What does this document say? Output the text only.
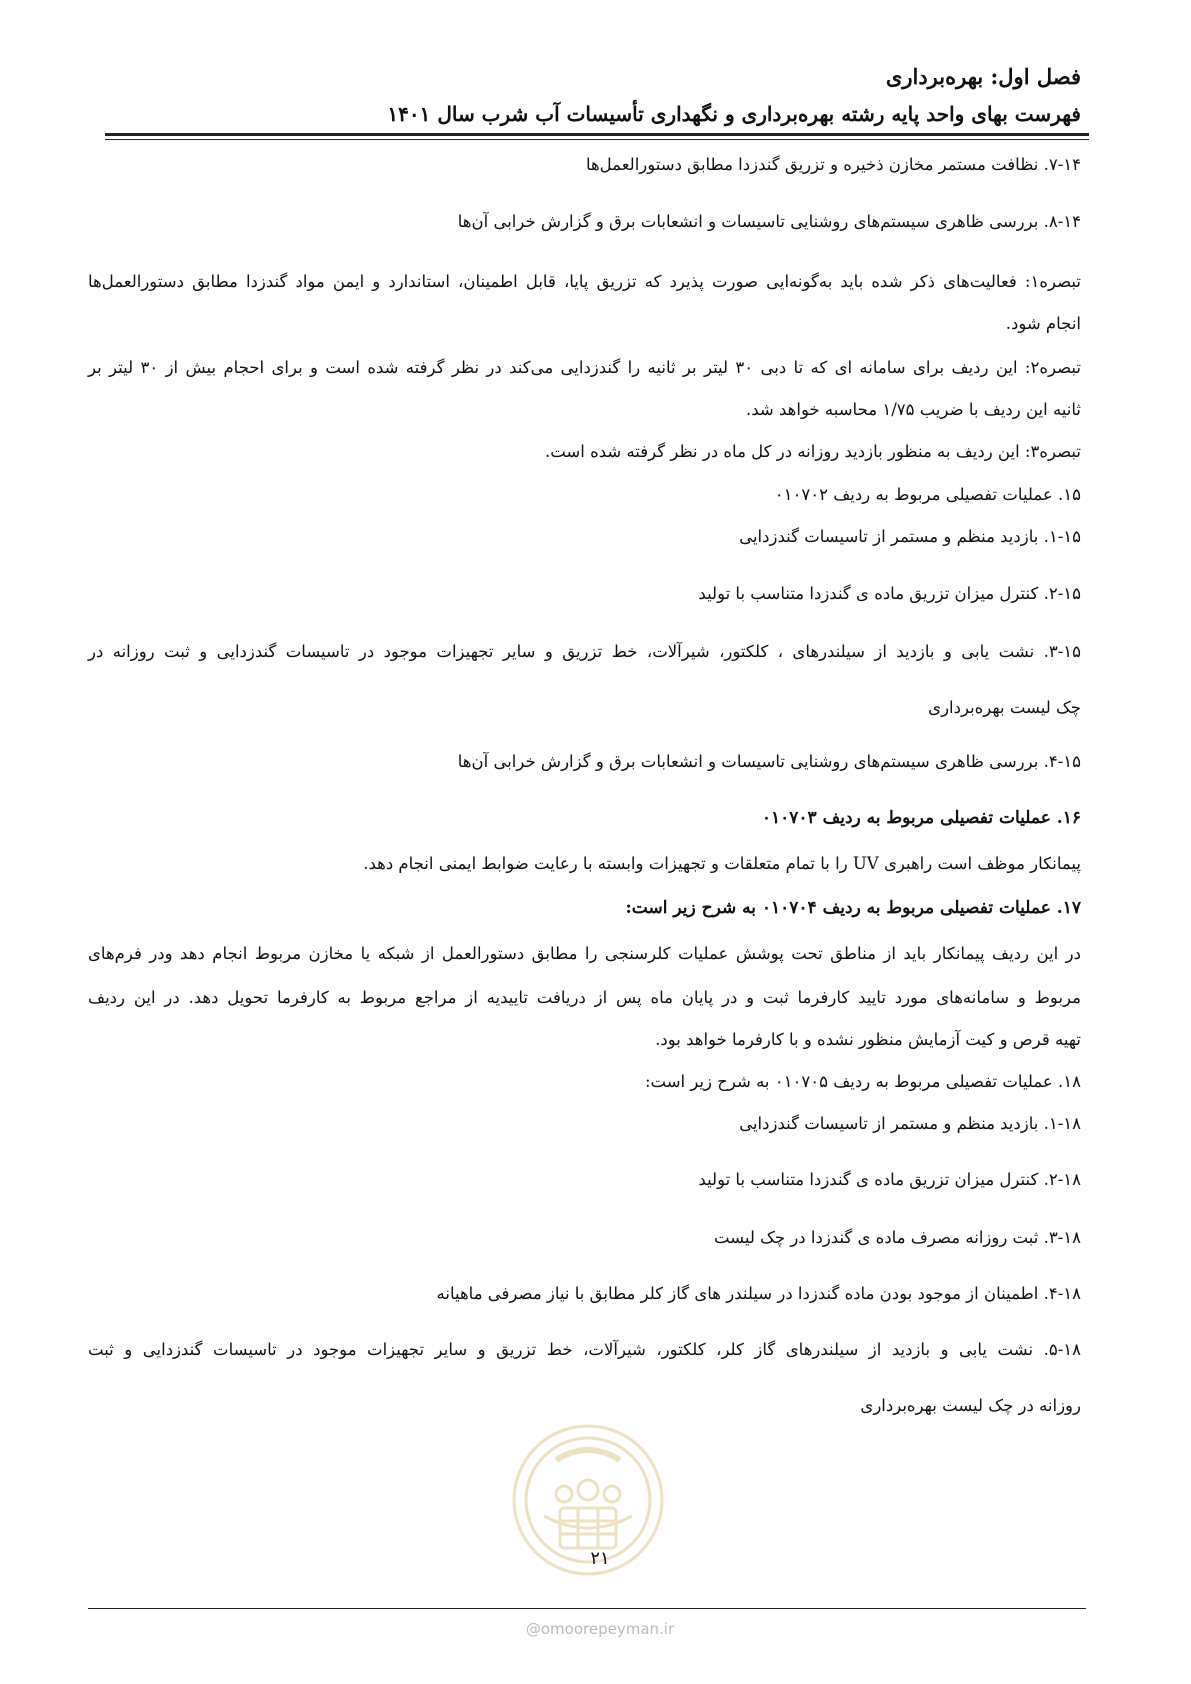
فصل اول: بهره‌برداری
فهرست بهای واحد پایه رشته بهره‌برداری و نگهداری تأسیسات آب شرب سال ۱۴۰۱
۷-۱۴. نظافت مستمر مخازن ذخیره و تزریق گندزدا مطابق دستورالعمل‌ها
۸-۱۴. بررسی ظاهری سیستم‌های روشنایی تاسیسات و انشعابات برق و گزارش خرابی آن‌ها
تبصره۱: فعالیت‌های ذکر شده باید به‌گونه‌ایی صورت پذیرد که تزریق پایا، قابل اطمینان، استاندارد و ایمن مواد گندزدا مطابق دستورالعمل‌ها
انجام شود.
تبصره۲: این ردیف برای سامانه ای که تا دبی ۳۰ لیتر بر ثانیه را گندزدایی می‌کند در نظر گرفته شده است و برای احجام بیش از ۳۰ لیتر بر
ثانیه این ردیف با ضریب ۱/۷۵ محاسبه خواهد شد.
تبصره۳: این ردیف به منظور بازدید روزانه در کل ماه در نظر گرفته شده است.
۱۵. عملیات تفصیلی مربوط به ردیف ۰۱۰۷۰۲
۱-۱۵. بازدید منظم و مستمر از تاسیسات گندزدایی
۲-۱۵. کنترل میزان تزریق ماده ی گندزدا متناسب با تولید
۳-۱۵. نشت یابی و بازدید از سیلندرهای ، کلکتور، شیرآلات، خط تزریق و سایر تجهیزات موجود در تاسیسات گندزدایی و ثبت روزانه در
چک لیست بهره‌برداری
۴-۱۵. بررسی ظاهری سیستم‌های روشنایی تاسیسات و انشعابات برق و گزارش خرابی آن‌ها
۱۶. عملیات تفصیلی مربوط به ردیف ۰۱۰۷۰۳
پیمانکار موظف است راهبری UV را با تمام متعلقات و تجهیزات وابسته با رعایت ضوابط ایمنی انجام دهد.
۱۷. عملیات تفصیلی مربوط به ردیف ۰۱۰۷۰۴ به شرح زیر است:
در این ردیف پیمانکار باید از مناطق تحت پوشش عملیات کلرسنجی را مطابق دستورالعمل از شبکه یا مخازن مربوط انجام دهد ودر فرم‌های
مربوط و سامانه‌های مورد تایید کارفرما ثبت و در پایان ماه پس از دریافت تاییدیه از مراجع مربوط به کارفرما تحویل دهد. در این ردیف
تهیه قرص و کیت آزمایش منظور نشده و با کارفرما خواهد بود.
۱۸. عملیات تفصیلی مربوط به ردیف ۰۱۰۷۰۵ به شرح زیر است:
۱-۱۸. بازدید منظم و مستمر از تاسیسات گندزدایی
۲-۱۸. کنترل میزان تزریق ماده ی گندزدا متناسب با تولید
۳-۱۸. ثبت روزانه مصرف ماده ی گندزدا در چک لیست
۴-۱۸. اطمینان از موجود بودن ماده گندزدا در سیلندر های گاز کلر مطابق با نیاز مصرفی ماهیانه
۵-۱۸. نشت یابی و بازدید از سیلندرهای گاز کلر، کلکتور، شیرآلات، خط تزریق و سایر تجهیزات موجود در تاسیسات گندزدایی و ثبت
روزانه در چک لیست بهره‌برداری
۲۱
@omoorepeyman.ir
